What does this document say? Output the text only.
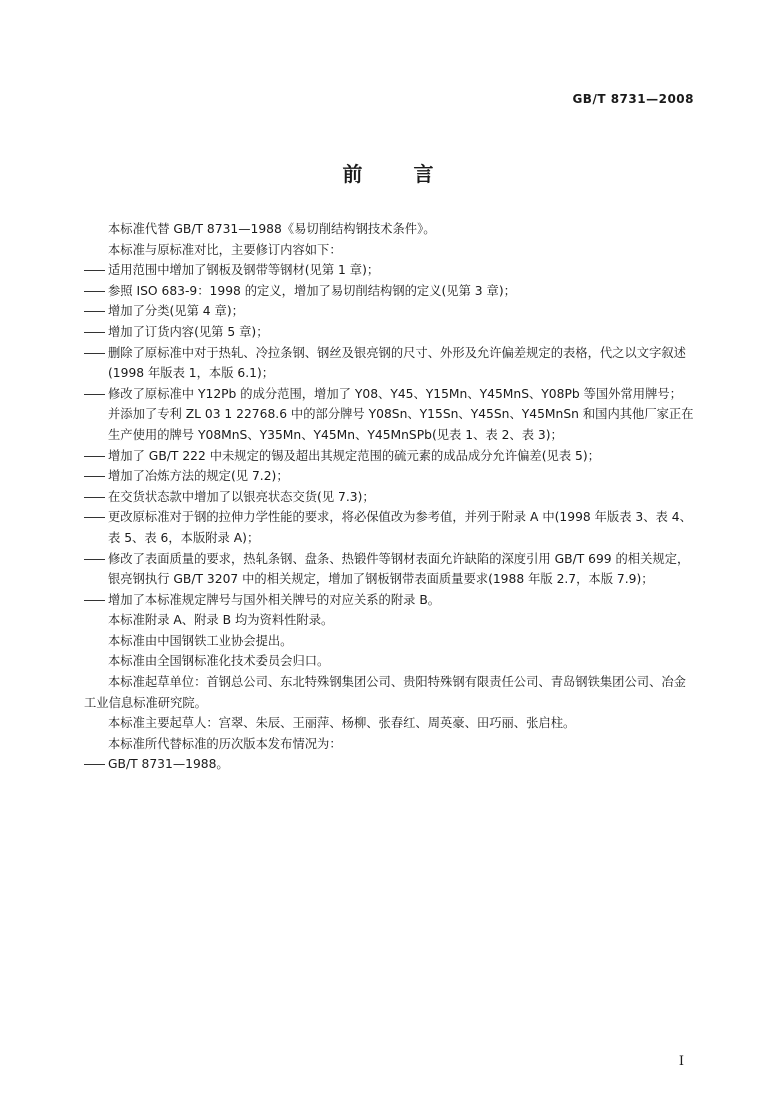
GB/T 8731—2008
前 言

本标准代替 GB/T 8731—1988《易切削结构钢技术条件》。

本标准与原标准对比，主要修订内容如下：

适用范围中增加了钢板及钢带等钢材(见第 1 章)；
参照 ISO 683-9：1998 的定义，增加了易切削结构钢的定义(见第 3 章)；
增加了分类(见第 4 章)；
增加了订货内容(见第 5 章)；
删除了原标准中对于热轧、冷拉条钢、钢丝及银亮钢的尺寸、外形及允许偏差规定的表格，代之以文字叙述(1998 年版表 1，本版 6.1)；
修改了原标准中 Y12Pb 的成分范围，增加了 Y08、Y45、Y15Mn、Y45MnS、Y08Pb 等国外常用牌号；并添加了专利 ZL 03 1 22768.6 中的部分牌号 Y08Sn、Y15Sn、Y45Sn、Y45MnSn 和国内其他厂家正在生产使用的牌号 Y08MnS、Y35Mn、Y45Mn、Y45MnSPb(见表 1、表 2、表 3)；
增加了 GB/T 222 中未规定的锡及超出其规定范围的硫元素的成品成分允许偏差(见表 5)；
增加了冶炼方法的规定(见 7.2)；
在交货状态款中增加了以银亮状态交货(见 7.3)；
更改原标准对于钢的拉伸力学性能的要求，将必保值改为参考值，并列于附录 A 中(1998 年版表 3、表 4、表 5、表 6，本版附录 A)；
修改了表面质量的要求，热轧条钢、盘条、热锻件等钢材表面允许缺陷的深度引用 GB/T 699 的相关规定，银亮钢执行 GB/T 3207 中的相关规定，增加了钢板钢带表面质量要求(1988 年版 2.7，本版 7.9)；
增加了本标准规定牌号与国外相关牌号的对应关系的附录 B。

本标准附录 A、附录 B 均为资料性附录。

本标准由中国钢铁工业协会提出。

本标准由全国钢标准化技术委员会归口。

本标准起草单位：首钢总公司、东北特殊钢集团公司、贵阳特殊钢有限责任公司、青岛钢铁集团公司、冶金工业信息标准研究院。

本标准主要起草人：宫翠、朱辰、王丽萍、杨柳、张春红、周英豪、田巧丽、张启柱。

本标准所代替标准的历次版本发布情况为：

GB/T 8731—1988。
I
